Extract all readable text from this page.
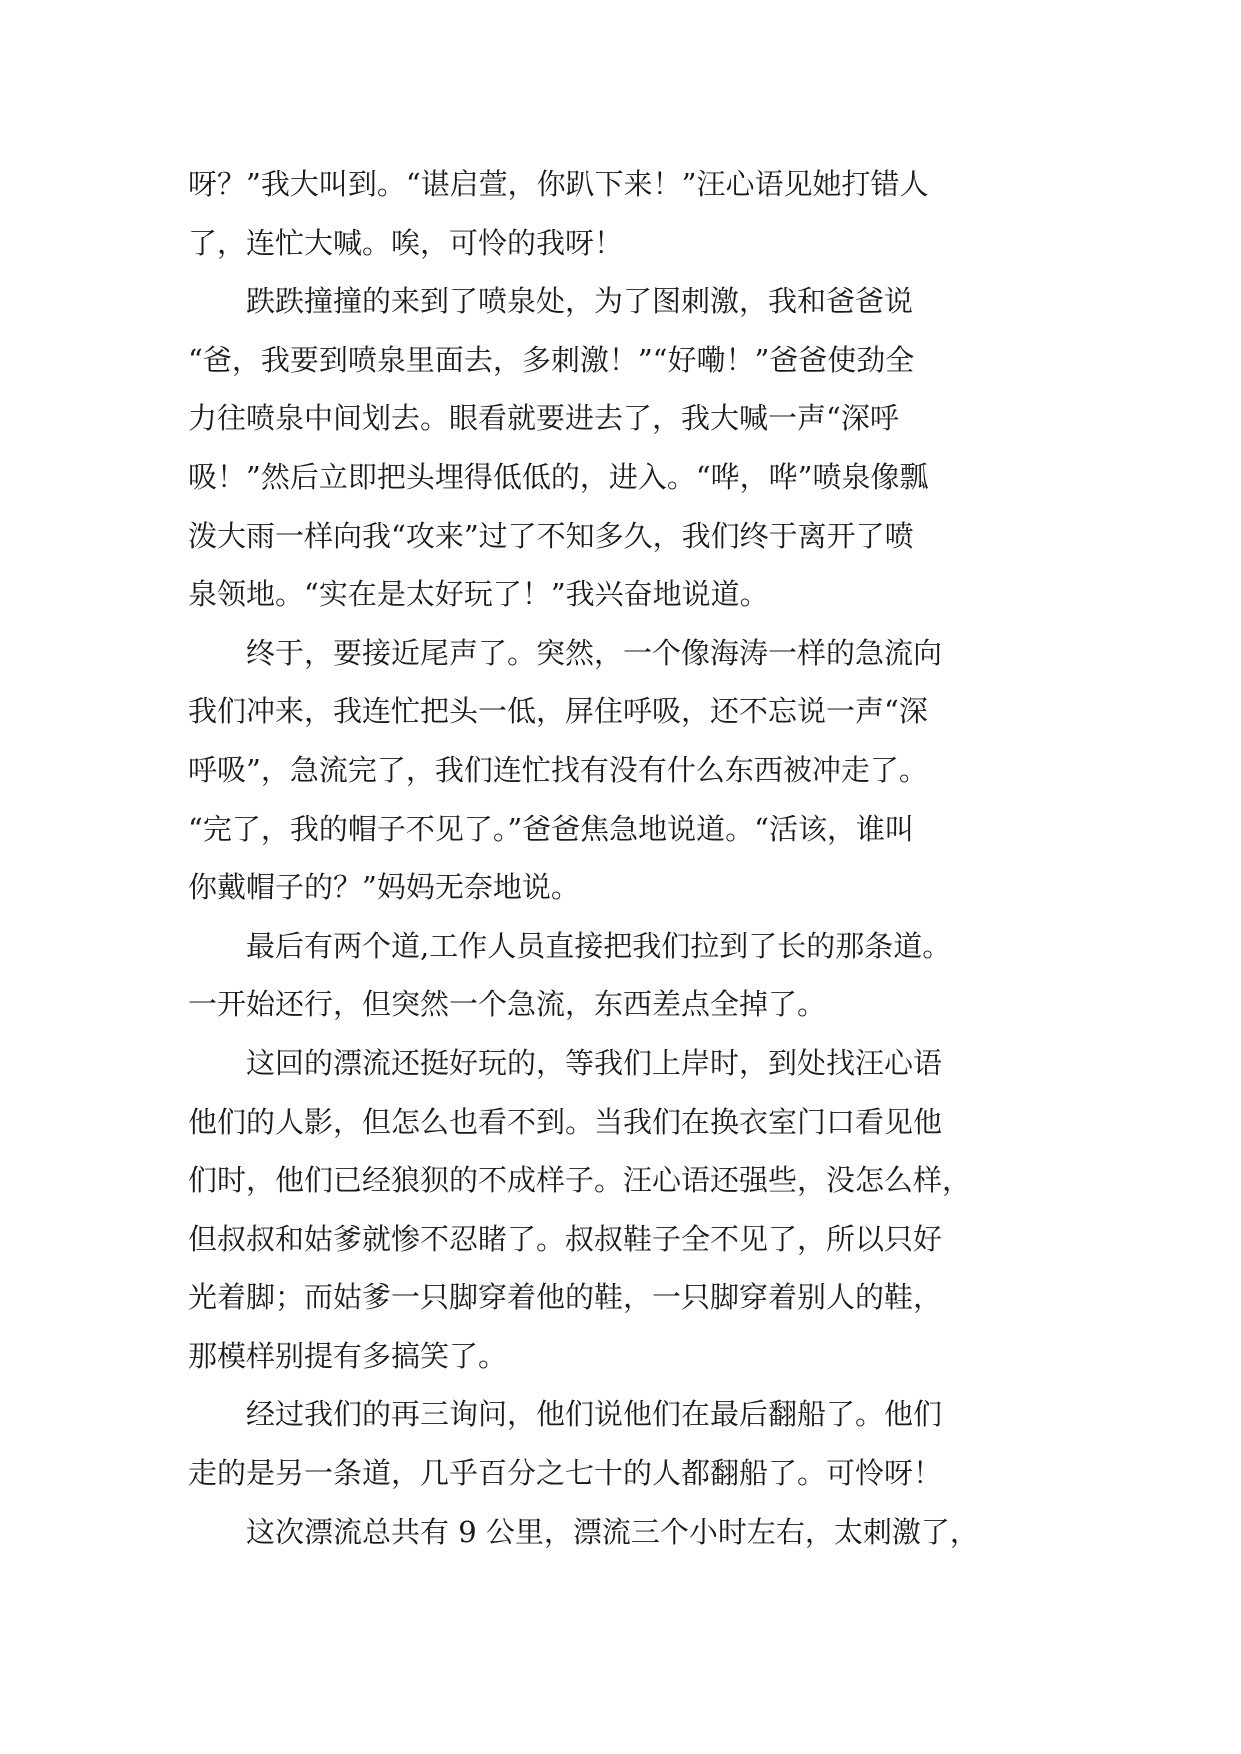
呀？”我大叫到。“谌启萱，你趴下来！”汪心语见她打错人
了，连忙大喊。唉，可怜的我呀！
　　跌跌撞撞的来到了喷泉处，为了图刺激，我和爸爸说
“爸，我要到喷泉里面去，多刺激！”“好嘞！”爸爸使劲全
力往喷泉中间划去。眼看就要进去了，我大喊一声“深呼
吸！”然后立即把头埋得低低的，进入。“哗，哗”喷泉像瓢
泼大雨一样向我“攻来”过了不知多久，我们终于离开了喷
泉领地。“实在是太好玩了！”我兴奋地说道。
　　终于，要接近尾声了。突然，一个像海涛一样的急流向
我们冲来，我连忙把头一低，屏住呼吸，还不忘说一声“深
呼吸”，急流完了，我们连忙找有没有什么东西被冲走了。
“完了，我的帽子不见了。”爸爸焦急地说道。“活该，谁叫
你戴帽子的？”妈妈无奈地说。
　　最后有两个道,工作人员直接把我们拉到了长的那条道。
一开始还行，但突然一个急流，东西差点全掉了。
　　这回的漂流还挺好玩的，等我们上岸时，到处找汪心语
他们的人影，但怎么也看不到。当我们在换衣室门口看见他
们时，他们已经狼狈的不成样子。汪心语还强些，没怎么样，
但叔叔和姑爹就惨不忍睹了。叔叔鞋子全不见了，所以只好
光着脚；而姑爹一只脚穿着他的鞋，一只脚穿着别人的鞋，
那模样别提有多搞笑了。
　　经过我们的再三询问，他们说他们在最后翻船了。他们
走的是另一条道，几乎百分之七十的人都翻船了。可怜呀！
　　这次漂流总共有 9 公里，漂流三个小时左右，太刺激了，
